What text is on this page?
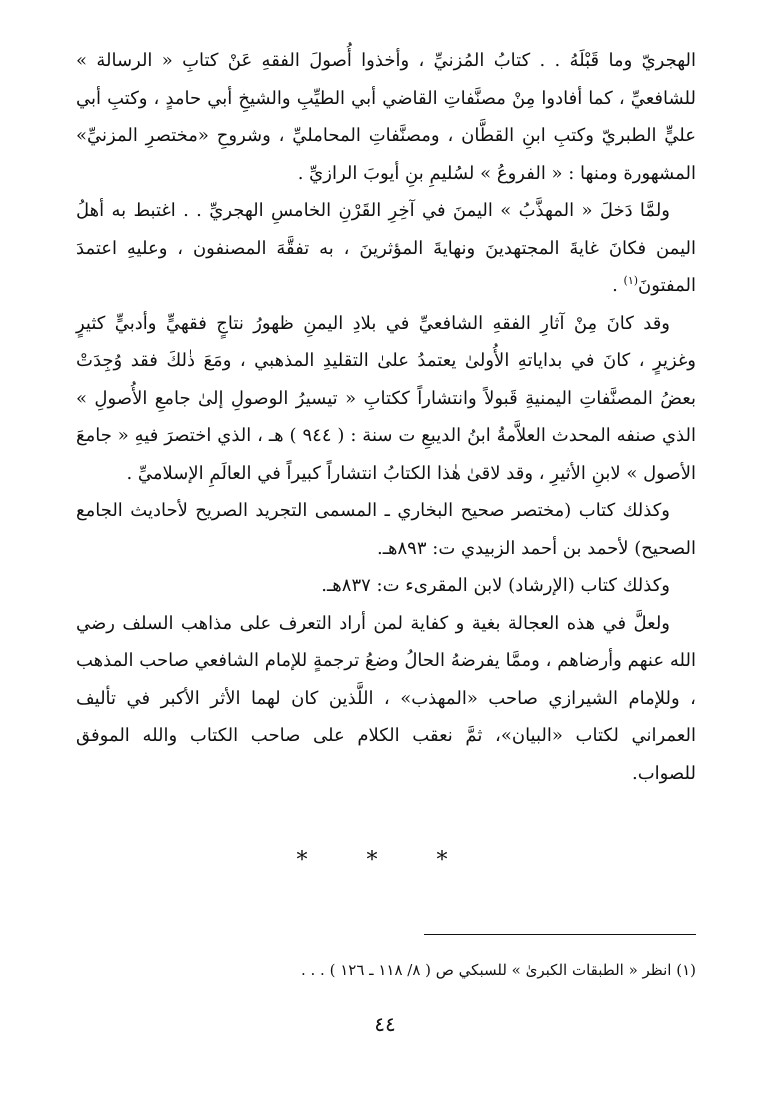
الهجريّ وما قَبْلَهُ . . كتابُ المُزنيِّ ، وأخذوا أُصولَ الفقهِ عَنْ كتابِ « الرسالة » للشافعيِّ ، كما أفادوا مِنْ مصنَّفاتِ القاضي أبي الطيِّبِ والشيخِ أبي حامدٍ ، وكتبِ أبي عليٍّ الطبريّ وكتبِ ابنِ القطَّان ، ومصنَّفاتِ المحامليِّ ، وشروحِ «مختصرِ المزنيِّ» المشهورة ومنها : « الفروعُ » لسُليمِ بنِ أيوبَ الرازيِّ .

ولمَّا دَخلَ « المهذَّبُ » اليمنَ في آخِرِ القَرْنِ الخامسِ الهجريِّ . . اغتبط به أهلُ اليمن فكانَ غايةَ المجتهدينَ ونهايةَ المؤثرينَ ، به تفقَّهَ المصنفون ، وعليهِ اعتمدَ المفتونَ$^{(١)}$ .

وقد كانَ مِنْ آثارِ الفقهِ الشافعيِّ في بلادِ اليمنِ ظهورُ نتاجٍ فقهيٍّ وأدبيٍّ كثيرٍ وغزيرٍ ، كانَ في بداياتهِ الأُولىٰ يعتمدُ علىٰ التقليدِ المذهبي ، ومَعَ ذٰلكَ فقد وُجِدَتْ بعضُ المصنَّفاتِ اليمنيةِ قَبولاً وانتشاراً ككتابِ « تيسيرُ الوصولِ إلىٰ جامعِ الأُصولِ » الذي صنفه المحدث العلاَّمةُ ابنُ الديبعِ ت سنة : ( ٩٤٤ ) هـ ، الذي اختصرَ فيهِ « جامعَ الأصول » لابنِ الأثيرِ ، وقد لاقىٰ هٰذا الكتابُ انتشاراً كبيراً في العالَمِ الإسلاميِّ .

وكذلك كتاب (مختصر صحيح البخاري ـ المسمى التجريد الصريح لأحاديث الجامع الصحيح) لأحمد بن أحمد الزبيدي ت: ٨٩٣هـ.

وكذلك كتاب (الإرشاد) لابن المقرىء ت: ٨٣٧هـ.

ولعلَّ في هذه العجالة بغية و كفاية لمن أراد التعرف على مذاهب السلف رضي الله عنهم وأرضاهم ، وممَّا يفرضهُ الحالُ وضعُ ترجمةٍ للإمام الشافعي صاحب المذهب ، وللإمام الشيرازي صاحب «المهذب» ، اللَّذين كان لهما الأثر الأكبر في تأليف العمراني لكتاب «البيان»، ثمَّ نعقب الكلام على صاحب الكتاب والله الموفق للصواب.

* * *
(١) انظر « الطبقات الكبرىٰ » للسبكي ص ( ٨/ ١١٨ ـ ١٢٦ ) . . .
٤٤
